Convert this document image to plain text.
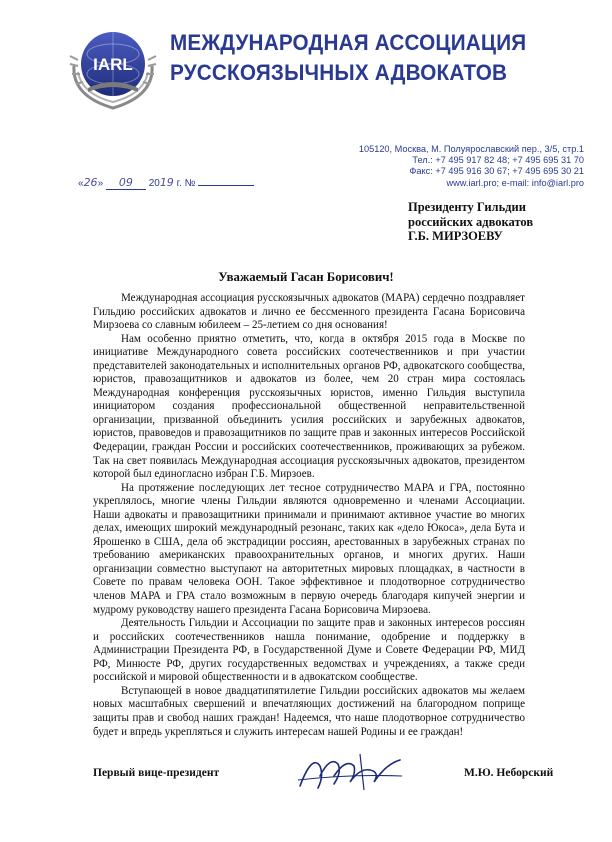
IARL
МЕЖДУНАРОДНАЯ АССОЦИАЦИЯ
РУССКОЯЗЫЧНЫХ АДВОКАТОВ
105120, Москва, М. Полуярославский пер., 3/5, стр.1
Тел.: +7 495 917 82 48; +7 495 695 31 70
Факс: +7 495 916 30 67; +7 495 695 30 21
www.iarl.pro; e-mail: info@iarl.pro
«26» 09 2019 г. №
Президенту Гильдии
российских адвокатов
Г.Б. МИРЗОЕВУ
Уважаемый Гасан Борисович!

Международная ассоциация русскоязычных адвокатов (МАРА) сердечно поздравляет Гильдию российских адвокатов и лично ее бессменного президента Гасана Борисовича Мирзоева со славным юбилеем – 25-летием со дня основания!

Нам особенно приятно отметить, что, когда в октября 2015 года в Москве по инициативе Международного совета российских соотечественников и при участии представителей законодательных и исполнительных органов РФ, адвокатского сообщества, юристов, правозащитников и адвокатов из более, чем 20 стран мира состоялась Международная конференция русскоязычных юристов, именно Гильдия выступила инициатором создания профессиональной общественной неправительственной организации, призванной объединить усилия российских и зарубежных адвокатов, юристов, правоведов и правозащитников по защите прав и законных интересов Российской Федерации, граждан России и российских соотечественников, проживающих за рубежом. Так на свет появилась Международная ассоциация русскоязычных адвокатов, президентом которой был единогласно избран Г.Б. Мирзоев.

На протяжение последующих лет тесное сотрудничество МАРА и ГРА, постоянно укреплялось, многие члены Гильдии являются одновременно и членами Ассоциации. Наши адвокаты и правозащитники принимали и принимают активное участие во многих делах, имеющих широкий международный резонанс, таких как «дело Юкоса», дела Бута и Ярошенко в США, дела об экстрадиции россиян, арестованных в зарубежных странах по требованию американских правоохранительных органов, и многих других. Наши организации совместно выступают на авторитетных мировых площадках, в частности в Совете по правам человека ООН. Такое эффективное и плодотворное сотрудничество членов МАРА и ГРА стало возможным в первую очередь благодаря кипучей энергии и мудрому руководству нашего президента Гасана Борисовича Мирзоева.

Деятельность Гильдии и Ассоциации по защите прав и законных интересов россиян и российских соотечественников нашла понимание, одобрение и поддержку в Администрации Президента РФ, в Государственной Думе и Совете Федерации РФ, МИД РФ, Минюсте РФ, других государственных ведомствах и учреждениях, а также среди российской и мировой общественности и в адвокатском сообществе.

Вступающей в новое двадцатипятилетие Гильдии российских адвокатов мы желаем новых масштабных свершений и впечатляющих достижений на благородном поприще защиты прав и свобод наших граждан! Надеемся, что наше плодотворное сотрудничество будет и впредь укрепляться и служить интересам нашей Родины и ее граждан!

Первый вице-президент	М.Ю. Неборский
